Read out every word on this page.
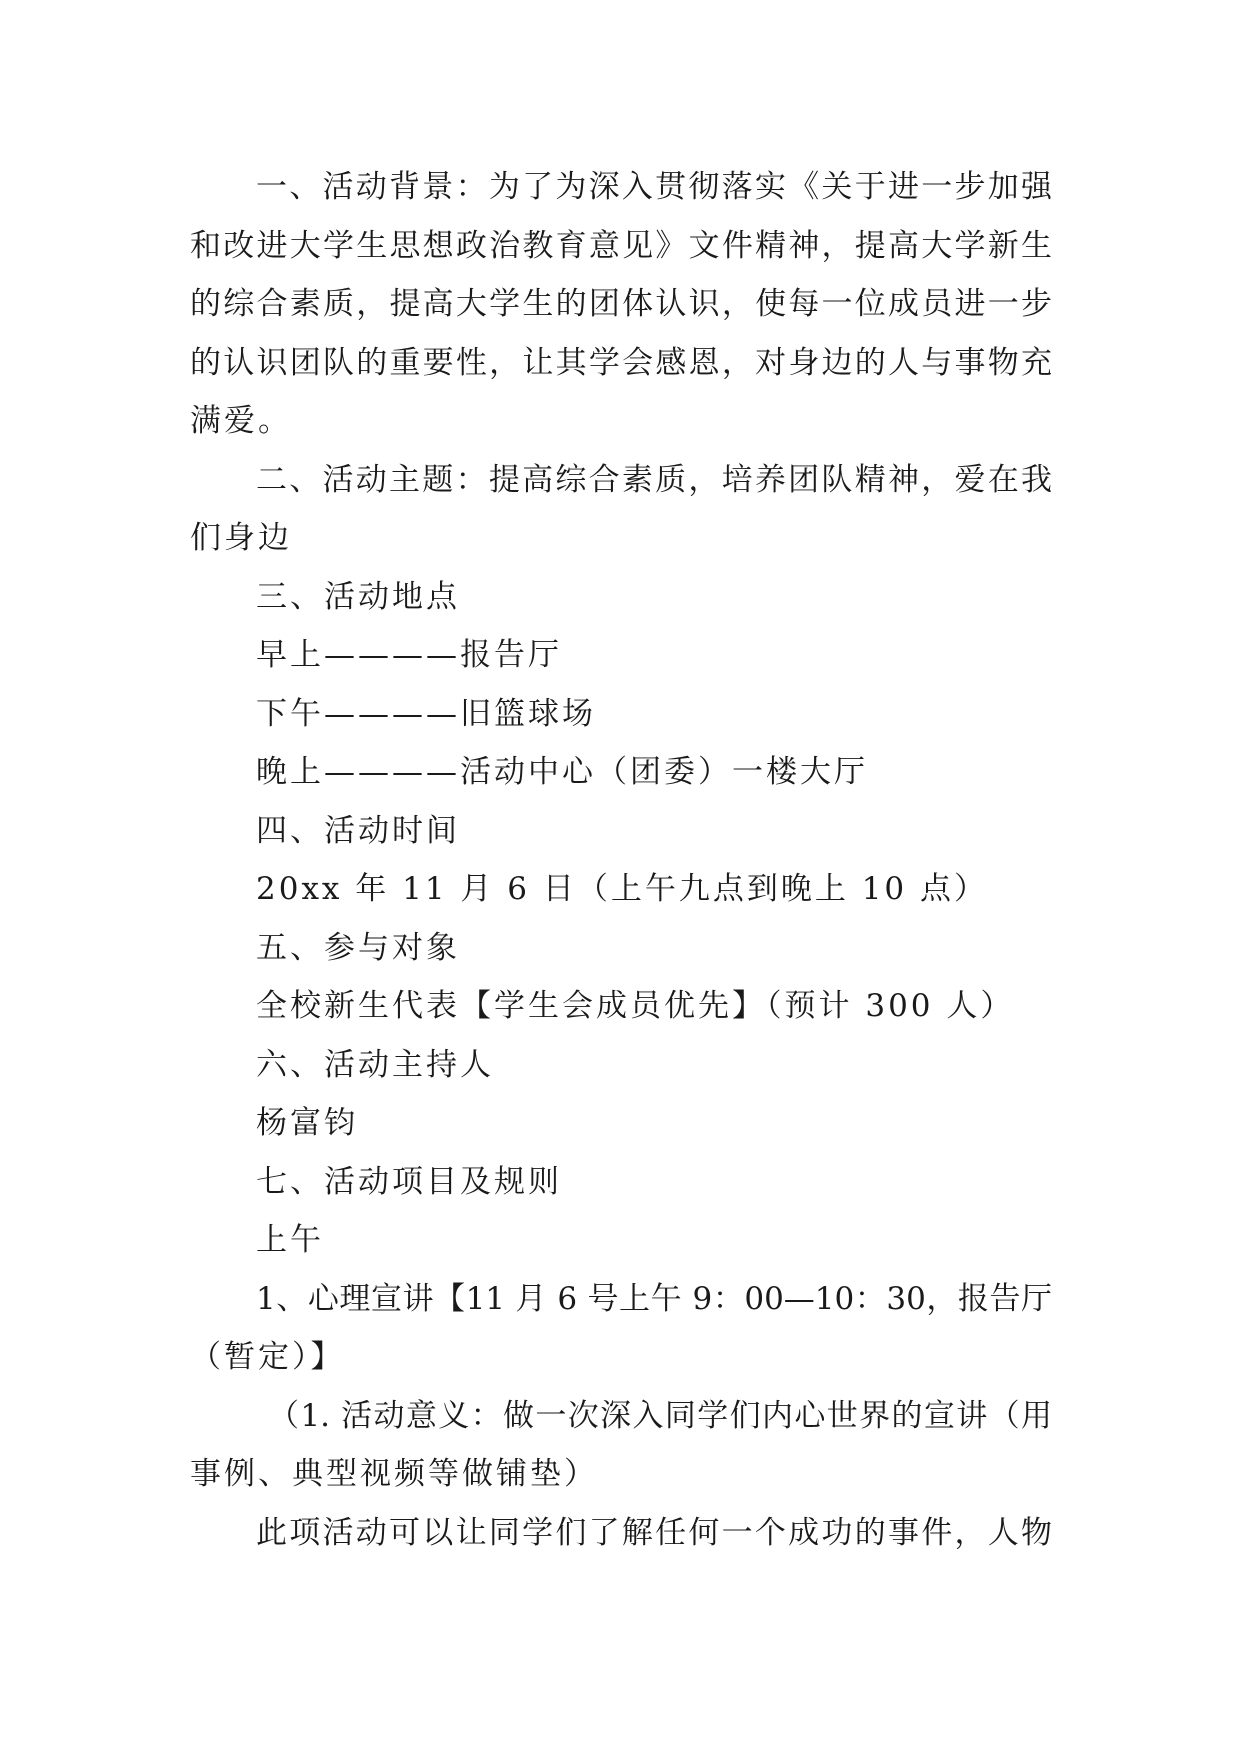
一、活动背景：为了为深入贯彻落实《关于进一步加强
和改进大学生思想政治教育意见》文件精神，提高大学新生
的综合素质，提高大学生的团体认识，使每一位成员进一步
的认识团队的重要性，让其学会感恩，对身边的人与事物充
满爱。
二、活动主题：提高综合素质，培养团队精神，爱在我
们身边
三、活动地点
早上————报告厅
下午————旧篮球场
晚上————活动中心（团委）一楼大厅
四、活动时间
20xx 年 11 月 6 日（上午九点到晚上 10 点）
五、参与对象
全校新生代表【学生会成员优先】（预计 300 人）
六、活动主持人
杨富钧
七、活动项目及规则
上午
1、心理宣讲【11 月 6 号上午 9：00—10：30，报告厅
（暂定）】
（1. 活动意义：做一次深入同学们内心世界的宣讲（用
事例、典型视频等做铺垫）
此项活动可以让同学们了解任何一个成功的事件，人物
